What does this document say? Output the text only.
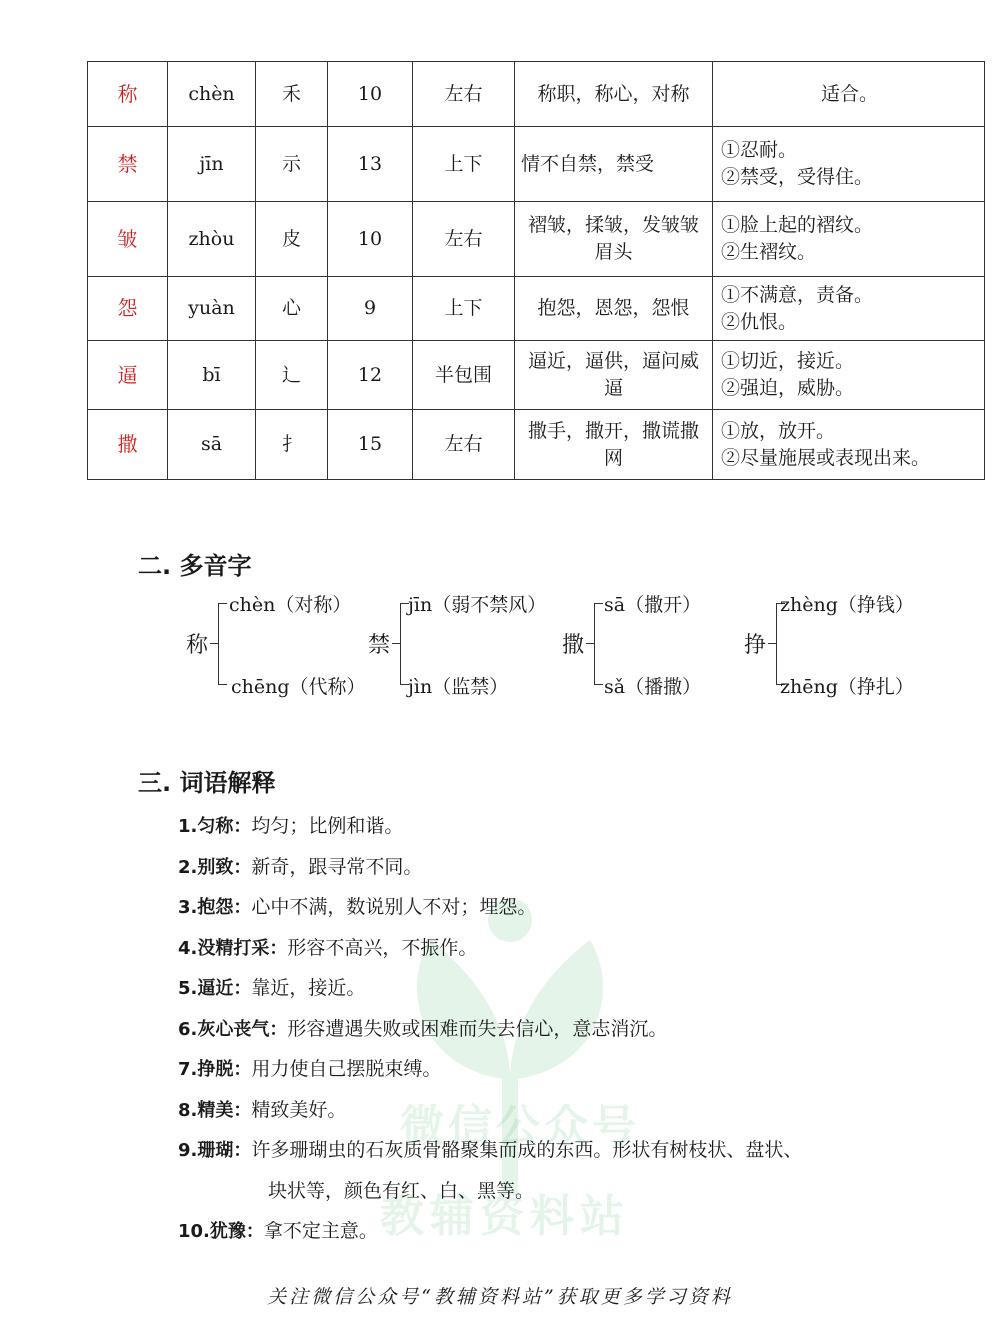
称	chèn	禾	10	左右	称职，称心，对称	适合。

禁	jīn	示	13	上下	情不自禁，禁受	①忍耐。
②禁受，受得住。

皱	zhòu	皮	10	左右	褶皱，揉皱，发皱皱眉头	①脸上起的褶纹。
②生褶纹。

怨	yuàn	心	9	上下	抱怨，恩怨，怨恨	①不满意，责备。
②仇恨。

逼	bī	辶	12	半包围	逼近，逼供，逼问威逼	①切近，接近。
②强迫，威胁。

撒	sā	扌	15	左右	撒手，撒开，撒谎撒网	①放，放开。
②尽量施展或表现出来。
二. 多音字
称
chèn（对称）
chēng（代称）
禁
jīn（弱不禁风）
jìn（监禁）
撒
sā（撒开）
sǎ（播撒）
挣
zhèng（挣钱）
zhēng（挣扎）
微信公众号
教辅资料站
三. 词语解释
1.匀称：均匀；比例和谐。
2.别致：新奇，跟寻常不同。
3.抱怨：心中不满，数说别人不对；埋怨。
4.没精打采：形容不高兴，不振作。
5.逼近：靠近，接近。
6.灰心丧气：形容遭遇失败或困难而失去信心，意志消沉。
7.挣脱：用力使自己摆脱束缚。
8.精美：精致美好。
9.珊瑚：许多珊瑚虫的石灰质骨骼聚集而成的东西。形状有树枝状、盘状、
块状等，颜色有红、白、黑等。
10.犹豫：拿不定主意。
关注微信公众号“教辅资料站”获取更多学习资料
